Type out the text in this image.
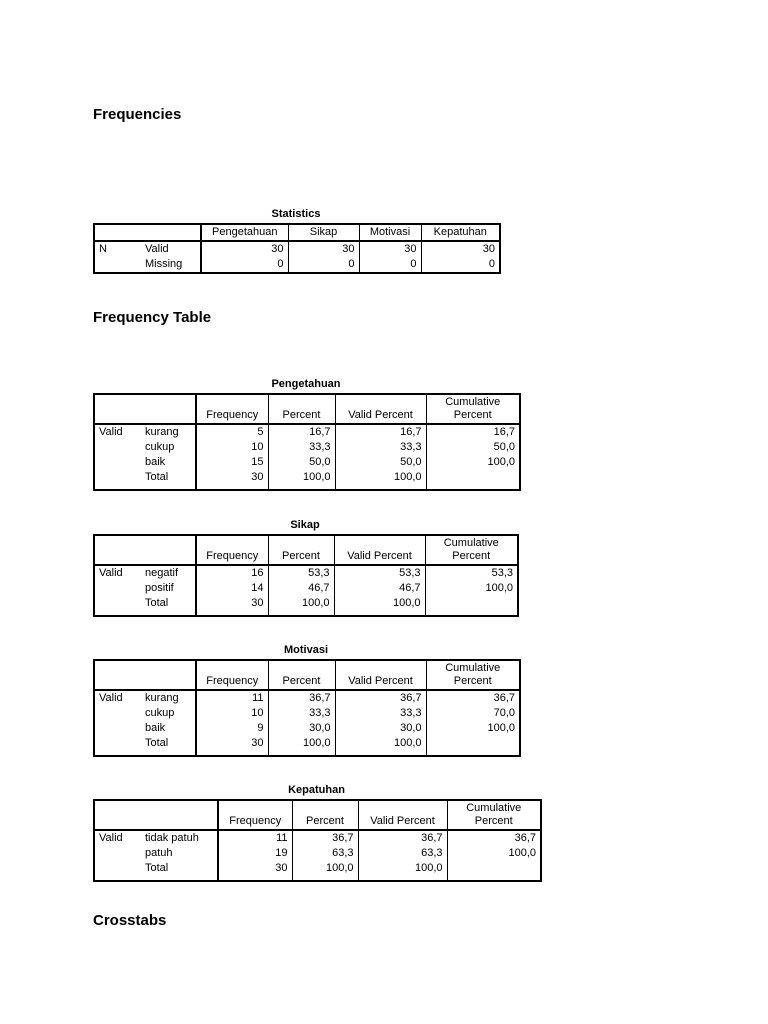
Frequencies
Statistics
		Pengetahuan	Sikap	Motivasi	Kepatuhan
N	Valid	30	30	30	30
	Missing	0	0	0	0
Frequency Table
Pengetahuan
		Frequency	Percent	Valid Percent	Cumulative Percent
Valid	kurang	5	16,7	16,7	16,7
	cukup	10	33,3	33,3	50,0
	baik	15	50,0	50,0	100,0
	Total	30	100,0	100,0	

Sikap
		Frequency	Percent	Valid Percent	Cumulative Percent
Valid	negatif	16	53,3	53,3	53,3
	positif	14	46,7	46,7	100,0
	Total	30	100,0	100,0	

Motivasi
		Frequency	Percent	Valid Percent	Cumulative Percent
Valid	kurang	11	36,7	36,7	36,7
	cukup	10	33,3	33,3	70,0
	baik	9	30,0	30,0	100,0
	Total	30	100,0	100,0	

Kepatuhan
		Frequency	Percent	Valid Percent	Cumulative Percent
Valid	tidak patuh	11	36,7	36,7	36,7
	patuh	19	63,3	63,3	100,0
	Total	30	100,0	100,0	

Crosstabs
